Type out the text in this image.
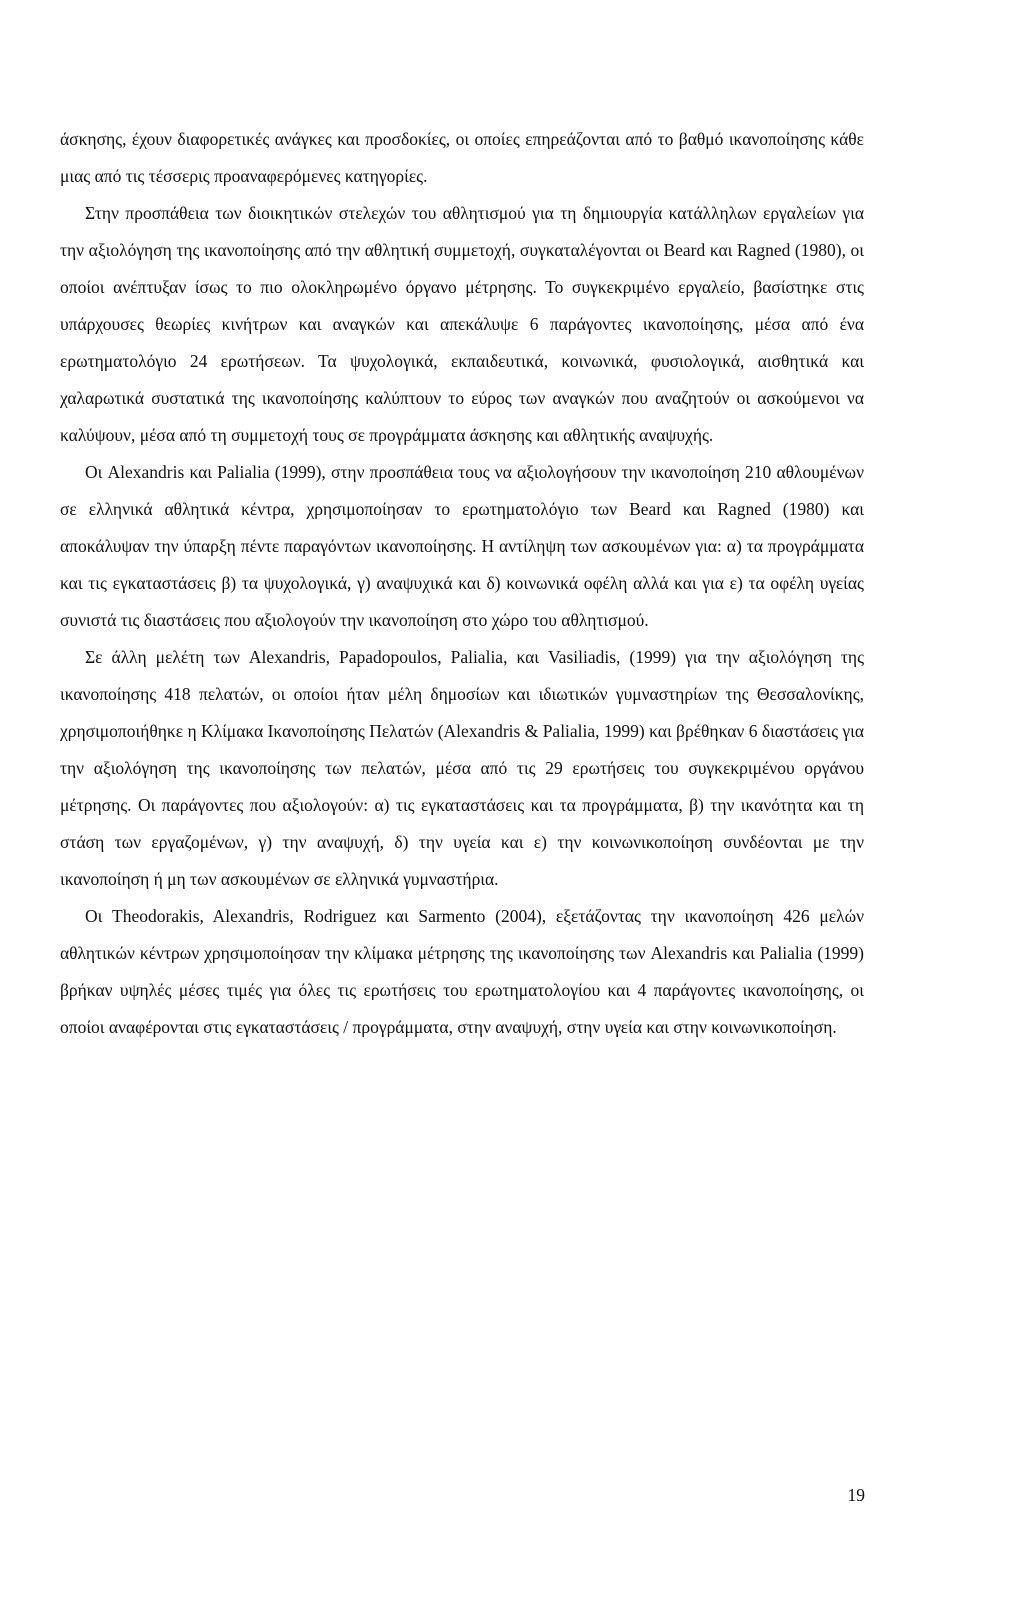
άσκησης, έχουν διαφορετικές ανάγκες και προσδοκίες, οι οποίες επηρεάζονται από το βαθμό ικανοποίησης κάθε μιας από τις τέσσερις προαναφερόμενες κατηγορίες.

Στην προσπάθεια των διοικητικών στελεχών του αθλητισμού για τη δημιουργία κατάλληλων εργαλείων για την αξιολόγηση της ικανοποίησης από την αθλητική συμμετοχή, συγκαταλέγονται οι Beard και Ragned (1980), οι οποίοι ανέπτυξαν ίσως το πιο ολοκληρωμένο όργανο μέτρησης. Το συγκεκριμένο εργαλείο, βασίστηκε στις υπάρχουσες θεωρίες κινήτρων και αναγκών και απεκάλυψε 6 παράγοντες ικανοποίησης, μέσα από ένα ερωτηματολόγιο 24 ερωτήσεων. Τα ψυχολογικά, εκπαιδευτικά, κοινωνικά, φυσιολογικά, αισθητικά και χαλαρωτικά συστατικά της ικανοποίησης καλύπτουν το εύρος των αναγκών που αναζητούν οι ασκούμενοι να καλύψουν, μέσα από τη συμμετοχή τους σε προγράμματα άσκησης και αθλητικής αναψυχής.

Οι Alexandris και Palialia (1999), στην προσπάθεια τους να αξιολογήσουν την ικανοποίηση 210 αθλουμένων σε ελληνικά αθλητικά κέντρα, χρησιμοποίησαν το ερωτηματολόγιο των Beard και Ragned (1980) και αποκάλυψαν την ύπαρξη πέντε παραγόντων ικανοποίησης. Η αντίληψη των ασκουμένων για: α) τα προγράμματα και τις εγκαταστάσεις β) τα ψυχολογικά, γ) αναψυχικά και δ) κοινωνικά οφέλη αλλά και για ε) τα οφέλη υγείας συνιστά τις διαστάσεις που αξιολογούν την ικανοποίηση στο χώρο του αθλητισμού.

Σε άλλη μελέτη των Alexandris, Papadopoulos, Palialia, και Vasiliadis, (1999) για την αξιολόγηση της ικανοποίησης 418 πελατών, οι οποίοι ήταν μέλη δημοσίων και ιδιωτικών γυμναστηρίων της Θεσσαλονίκης, χρησιμοποιήθηκε η Κλίμακα Ικανοποίησης Πελατών (Alexandris & Palialia, 1999) και βρέθηκαν 6 διαστάσεις για την αξιολόγηση της ικανοποίησης των πελατών, μέσα από τις 29 ερωτήσεις του συγκεκριμένου οργάνου μέτρησης. Οι παράγοντες που αξιολογούν: α) τις εγκαταστάσεις και τα προγράμματα, β) την ικανότητα και τη στάση των εργαζομένων, γ) την αναψυχή, δ) την υγεία και ε) την κοινωνικοποίηση συνδέονται με την ικανοποίηση ή μη των ασκουμένων σε ελληνικά γυμναστήρια.

Οι Theodorakis, Alexandris, Rodriguez και Sarmento (2004), εξετάζοντας την ικανοποίηση 426 μελών αθλητικών κέντρων χρησιμοποίησαν την κλίμακα μέτρησης της ικανοποίησης των Alexandris και Palialia (1999) βρήκαν υψηλές μέσες τιμές για όλες τις ερωτήσεις του ερωτηματολογίου και 4 παράγοντες ικανοποίησης, οι οποίοι αναφέρονται στις εγκαταστάσεις / προγράμματα, στην αναψυχή, στην υγεία και στην κοινωνικοποίηση.

19
